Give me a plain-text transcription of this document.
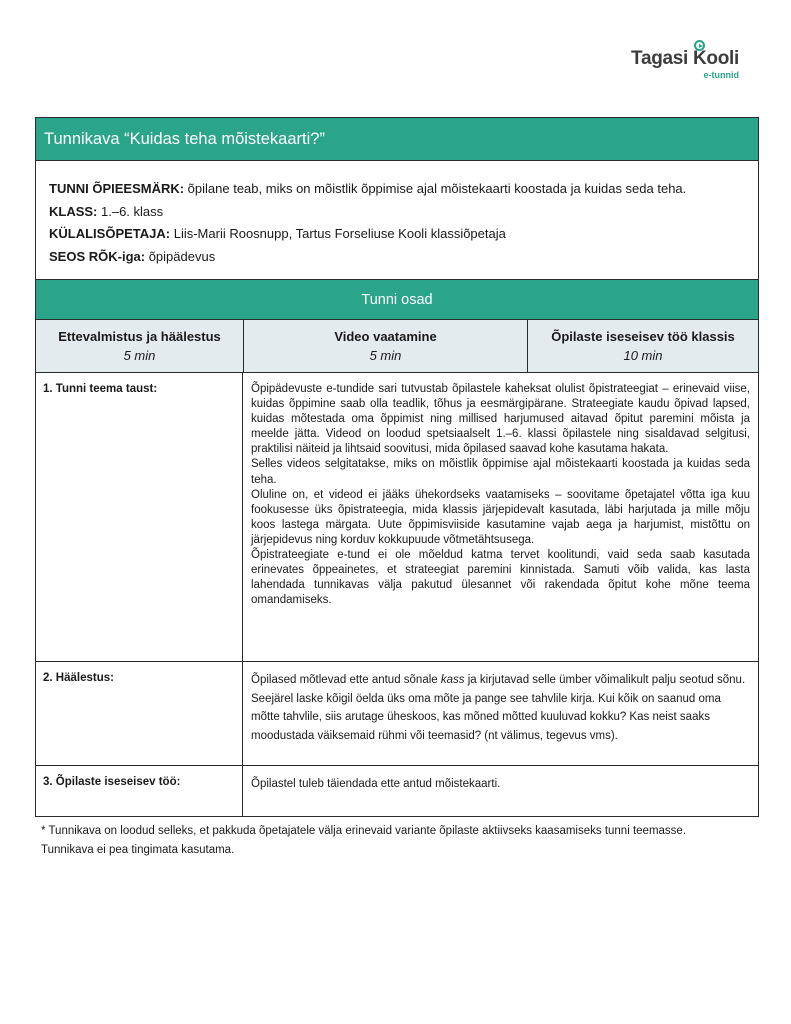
Tagasi Kooli
e-tunnid
Tunnikava “Kuidas teha mõistekaarti?”

TUNNI ÕPIEESMÄRK: õpilane teab, miks on mõistlik õppimise ajal mõistekaarti koostada ja kuidas seda teha.

KLASS: 1.–6. klass

KÜLALISÕPETAJA: Liis-Marii Roosnupp, Tartus Forseliuse Kooli klassiõpetaja

SEOS RÕK-iga: õpipädevus

Tunni osad
Ettevalmistus ja häälestus
5 min
Video vaatamine
5 min
Õpilaste iseseisev töö klassis
10 min
1. Tunni teema taust:	Õpipädevuste e-tundide sari tutvustab õpilastele kaheksat olulist õpistrateegiat – erinevaid viise, kuidas õppimine saab olla teadlik, tõhus ja eesmärgipärane. Strateegiate kaudu õpivad lapsed, kuidas mõtestada oma õppimist ning millised harjumused aitavad õpitut paremini mõista ja meelde jätta. Videod on loodud spetsiaalselt 1.–6. klassi õpilastele ning sisaldavad selgitusi, praktilisi näiteid ja lihtsaid soovitusi, mida õpilased saavad kohe kasutama hakata.

Selles videos selgitatakse, miks on mõistlik õppimise ajal mõistekaarti koostada ja kuidas seda teha.

Oluline on, et videod ei jääks ühekordseks vaatamiseks – soovitame õpetajatel võtta iga kuu fookusesse üks õpistrateegia, mida klassis järjepidevalt kasutada, läbi harjutada ja mille mõju koos lastega märgata. Uute õppimisviiside kasutamine vajab aega ja harjumist, mistõttu on järjepidevus ning korduv kokkupuude võtmetähtsusega.

Õpistrateegiate e-tund ei ole mõeldud katma tervet koolitundi, vaid seda saab kasutada erinevates õppeainetes, et strateegiat paremini kinnistada. Samuti võib valida, kas lasta lahendada tunnikavas välja pakutud ülesannet või rakendada õpitut kohe mõne teema omandamiseks.

2. Häälestus:	Õpilased mõtlevad ette antud sõnale kass ja kirjutavad selle ümber võimalikult palju seotud sõnu. Seejärel laske kõigil öelda üks oma mõte ja pange see tahvlile kirja. Kui kõik on saanud oma mõtte tahvlile, siis arutage üheskoos, kas mõned mõtted kuuluvad kokku? Kas neist saaks moodustada väiksemaid rühmi või teemasid? (nt välimus, tegevus vms).
3. Õpilaste iseseisev töö:	Õpilastel tuleb täiendada ette antud mõistekaarti.
* Tunnikava on loodud selleks, et pakkuda õpetajatele välja erinevaid variante õpilaste aktiivseks kaasamiseks tunni teemasse. Tunnikava ei pea tingimata kasutama.
